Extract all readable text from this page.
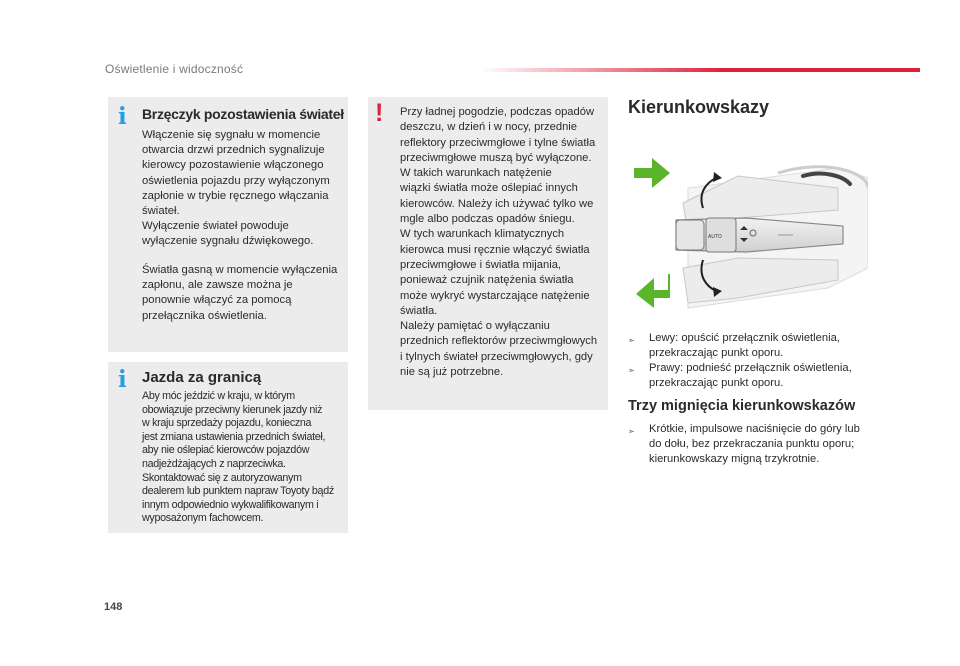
Oświetlenie i widoczność
i Brzęczyk pozostawienia świateł

Włączenie się sygnału w momencie
otwarcia drzwi przednich sygnalizuje
kierowcy pozostawienie włączonego
oświetlenia pojazdu przy wyłączonym
zapłonie w trybie ręcznego włączania
świateł.
Wyłączenie świateł powoduje
wyłączenie sygnału dźwiękowego.

Światła gasną w momencie wyłączenia
zapłonu, ale zawsze można je
ponownie włączyć za pomocą
przełącznika oświetlenia.

i Jazda za granicą

Aby móc jeździć w kraju, w którym
obowiązuje przeciwny kierunek jazdy niż
w kraju sprzedaży pojazdu, konieczna
jest zmiana ustawienia przednich świateł,
aby nie oślepiać kierowców pojazdów
nadjeżdżających z naprzeciwka.
Skontaktować się z autoryzowanym
dealerem lub punktem napraw Toyoty bądź
innym odpowiednio wykwalifikowanym i
wyposażonym fachowcem.

! Przy ładnej pogodzie, podczas opadów
deszczu, w dzień i w nocy, przednie
reflektory przeciwmgłowe i tylne światła
przeciwmgłowe muszą być wyłączone.
W takich warunkach natężenie
wiązki światła może oślepiać innych
kierowców. Należy ich używać tylko we
mgle albo podczas opadów śniegu.
W tych warunkach klimatycznych
kierowca musi ręcznie włączyć światła
przeciwmgłowe i światła mijania,
ponieważ czujnik natężenia światła
może wykryć wystarczające natężenie
światła.
Należy pamiętać o wyłączaniu
przednich reflektorów przeciwmgłowych
i tylnych świateł przeciwmgłowych, gdy
nie są już potrzebne.

Kierunkowskazy
AUTO
➣ Lewy: opuścić przełącznik oświetlenia,
przekraczając punkt oporu.
➣ Prawy: podnieść przełącznik oświetlenia,
przekraczając punkt oporu.
Trzy mignięcia kierunkowskazów
➣ Krótkie, impulsowe naciśnięcie do góry lub
do dołu, bez przekraczania punktu oporu;
kierunkowskazy migną trzykrotnie.
148
